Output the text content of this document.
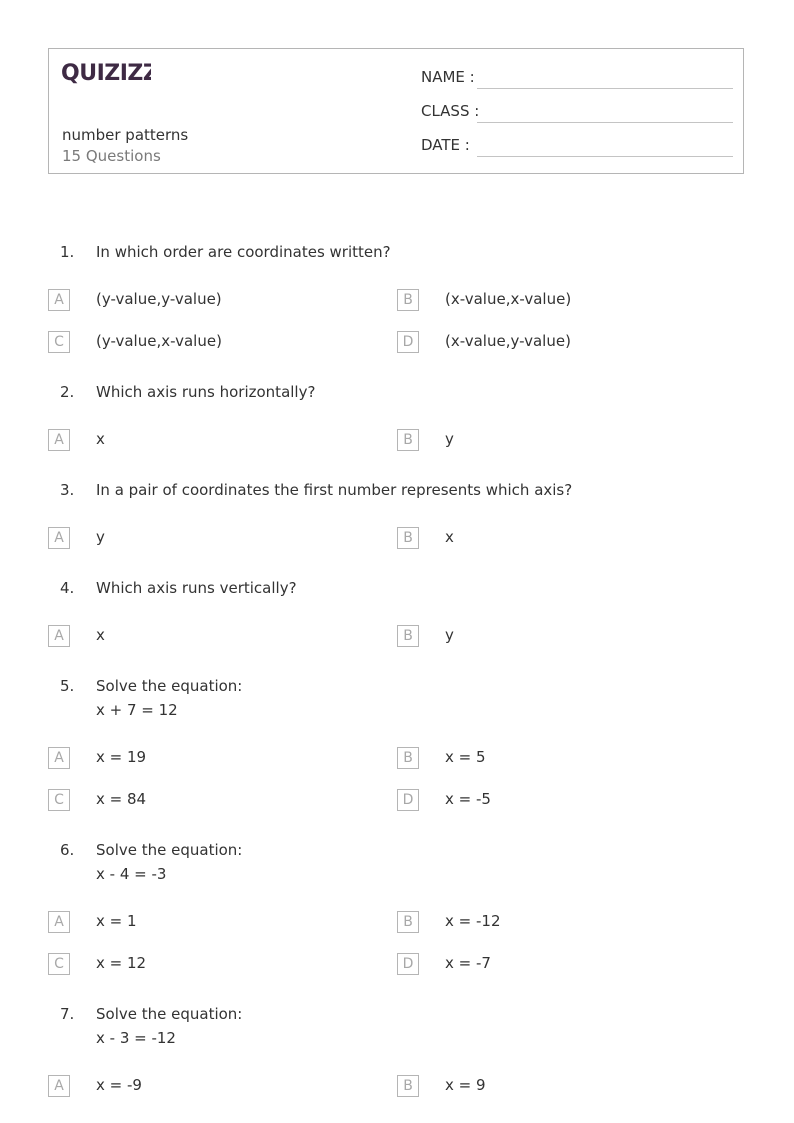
QUIZIZZ
number patterns
15 Questions
NAME :
CLASS :
DATE :
1. In which order are coordinates written?
A	(y-value,y-value)	B	(x-value,x-value)
C	(y-value,x-value)	D	(x-value,y-value)
2. Which axis runs horizontally?
A	x	B	y
3. In a pair of coordinates the first number represents which axis?
A	y	B	x
4. Which axis runs vertically?
A	x	B	y
5. Solve the equation:
x + 7 = 12
A	x = 19	B	x = 5
C	x = 84	D	x = -5
6. Solve the equation:
x - 4 = -3
A	x = 1	B	x = -12
C	x = 12	D	x = -7
7. Solve the equation:
x - 3 = -12
A	x = -9	B	x = 9
